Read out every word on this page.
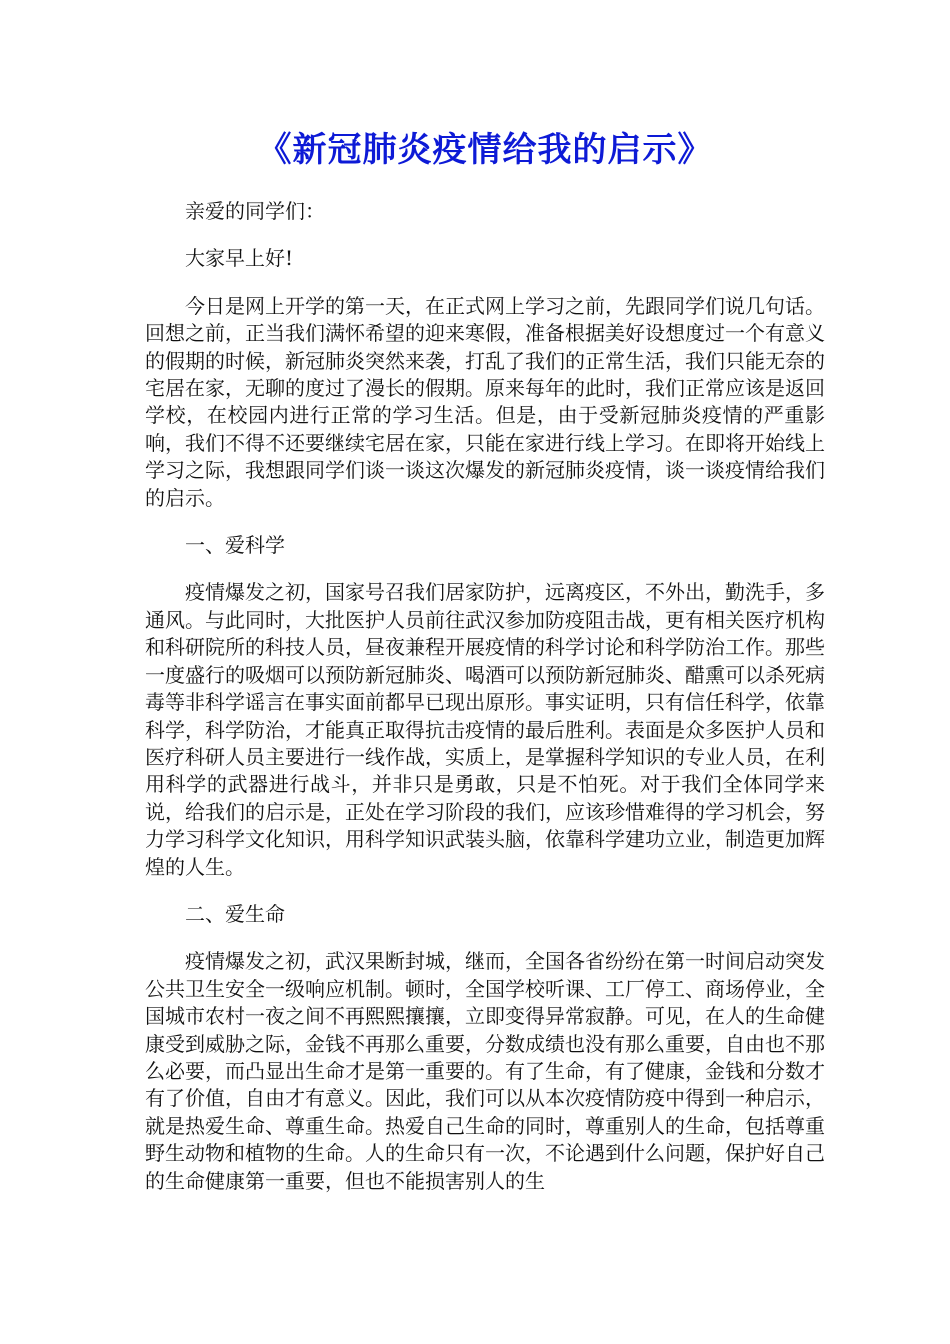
《新冠肺炎疫情给我的启示》

亲爱的同学们：

大家早上好!

今日是网上开学的第一天，在正式网上学习之前，先跟同学们说几句话。回想之前，正当我们满怀希望的迎来寒假，准备根据美好设想度过一个有意义的假期的时候，新冠肺炎突然来袭，打乱了我们的正常生活，我们只能无奈的宅居在家，无聊的度过了漫长的假期。原来每年的此时，我们正常应该是返回学校，在校园内进行正常的学习生活。但是，由于受新冠肺炎疫情的严重影响，我们不得不还要继续宅居在家，只能在家进行线上学习。在即将开始线上学习之际，我想跟同学们谈一谈这次爆发的新冠肺炎疫情，谈一谈疫情给我们的启示。

一、爱科学

疫情爆发之初，国家号召我们居家防护，远离疫区，不外出，勤洗手，多通风。与此同时，大批医护人员前往武汉参加防疫阻击战，更有相关医疗机构和科研院所的科技人员，昼夜兼程开展疫情的科学讨论和科学防治工作。那些一度盛行的吸烟可以预防新冠肺炎、喝酒可以预防新冠肺炎、醋熏可以杀死病毒等非科学谣言在事实面前都早已现出原形。事实证明，只有信任科学，依靠科学，科学防治，才能真正取得抗击疫情的最后胜利。表面是众多医护人员和医疗科研人员主要进行一线作战，实质上，是掌握科学知识的专业人员，在利用科学的武器进行战斗，并非只是勇敢，只是不怕死。对于我们全体同学来说，给我们的启示是，正处在学习阶段的我们，应该珍惜难得的学习机会，努力学习科学文化知识，用科学知识武装头脑，依靠科学建功立业，制造更加辉煌的人生。

二、爱生命

疫情爆发之初，武汉果断封城，继而，全国各省纷纷在第一时间启动突发公共卫生安全一级响应机制。顿时，全国学校听课、工厂停工、商场停业，全国城市农村一夜之间不再熙熙攘攘，立即变得异常寂静。可见，在人的生命健康受到威胁之际，金钱不再那么重要，分数成绩也没有那么重要，自由也不那么必要，而凸显出生命才是第一重要的。有了生命，有了健康，金钱和分数才有了价值，自由才有意义。因此，我们可以从本次疫情防疫中得到一种启示，就是热爱生命、尊重生命。热爱自己生命的同时，尊重别人的生命，包括尊重野生动物和植物的生命。人的生命只有一次，不论遇到什么问题，保护好自己的生命健康第一重要，但也不能损害别人的生
